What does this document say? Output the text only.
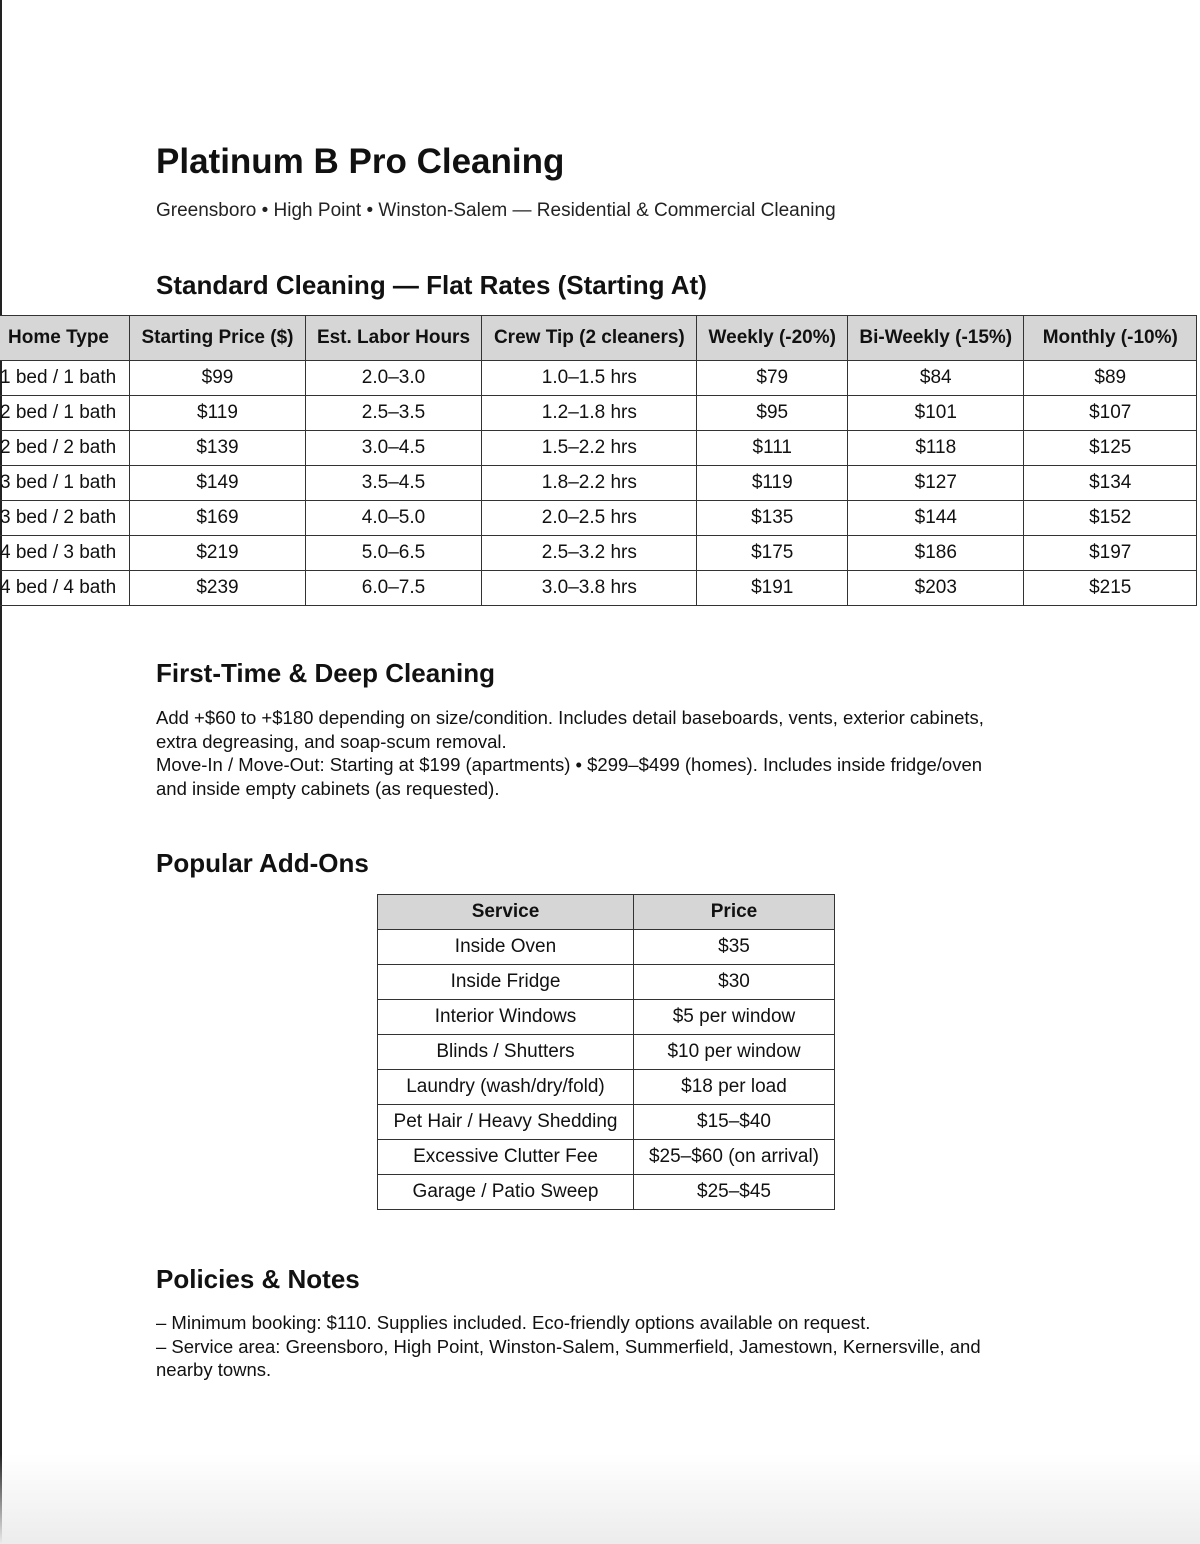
Platinum B Pro Cleaning
Greensboro • High Point • Winston-Salem — Residential & Commercial Cleaning
Standard Cleaning — Flat Rates (Starting At)
Home Type	Starting Price ($)	Est. Labor Hours	Crew Tip (2 cleaners)	Weekly (-20%)	Bi-Weekly (-15%)	Monthly (-10%)
1 bed / 1 bath	$99	2.0–3.0	1.0–1.5 hrs	$79	$84	$89
2 bed / 1 bath	$119	2.5–3.5	1.2–1.8 hrs	$95	$101	$107
2 bed / 2 bath	$139	3.0–4.5	1.5–2.2 hrs	$111	$118	$125
3 bed / 1 bath	$149	3.5–4.5	1.8–2.2 hrs	$119	$127	$134
3 bed / 2 bath	$169	4.0–5.0	2.0–2.5 hrs	$135	$144	$152
4 bed / 3 bath	$219	5.0–6.5	2.5–3.2 hrs	$175	$186	$197
4 bed / 4 bath	$239	6.0–7.5	3.0–3.8 hrs	$191	$203	$215
First-Time & Deep Cleaning
Add +$60 to +$180 depending on size/condition. Includes detail baseboards, vents, exterior cabinets,
extra degreasing, and soap-scum removal.
Move-In / Move-Out: Starting at $199 (apartments) • $299–$499 (homes). Includes inside fridge/oven
and inside empty cabinets (as requested).
Popular Add-Ons
Service	Price
Inside Oven	$35
Inside Fridge	$30
Interior Windows	$5 per window
Blinds / Shutters	$10 per window
Laundry (wash/dry/fold)	$18 per load
Pet Hair / Heavy Shedding	$15–$40
Excessive Clutter Fee	$25–$60 (on arrival)
Garage / Patio Sweep	$25–$45
Policies & Notes
– Minimum booking: $110. Supplies included. Eco-friendly options available on request.
– Service area: Greensboro, High Point, Winston-Salem, Summerfield, Jamestown, Kernersville, and
nearby towns.
